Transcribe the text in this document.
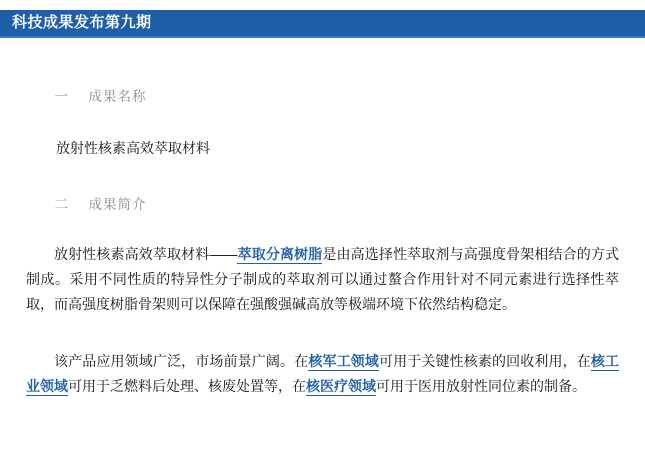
科技成果发布第九期

一 成果名称

放射性核素高效萃取材料

二 成果简介

放射性核素高效萃取材料——萃取分离树脂是由高选择性萃取剂与高强度骨架相结合的方式制成。采用不同性质的特异性分子制成的萃取剂可以通过螯合作用针对不同元素进行选择性萃取，而高强度树脂骨架则可以保障在强酸强碱高放等极端环境下依然结构稳定。

该产品应用领域广泛，市场前景广阔。在核军工领域可用于关键性核素的回收利用，在核工业领域可用于乏燃料后处理、核废处置等，在核医疗领域可用于医用放射性同位素的制备。
